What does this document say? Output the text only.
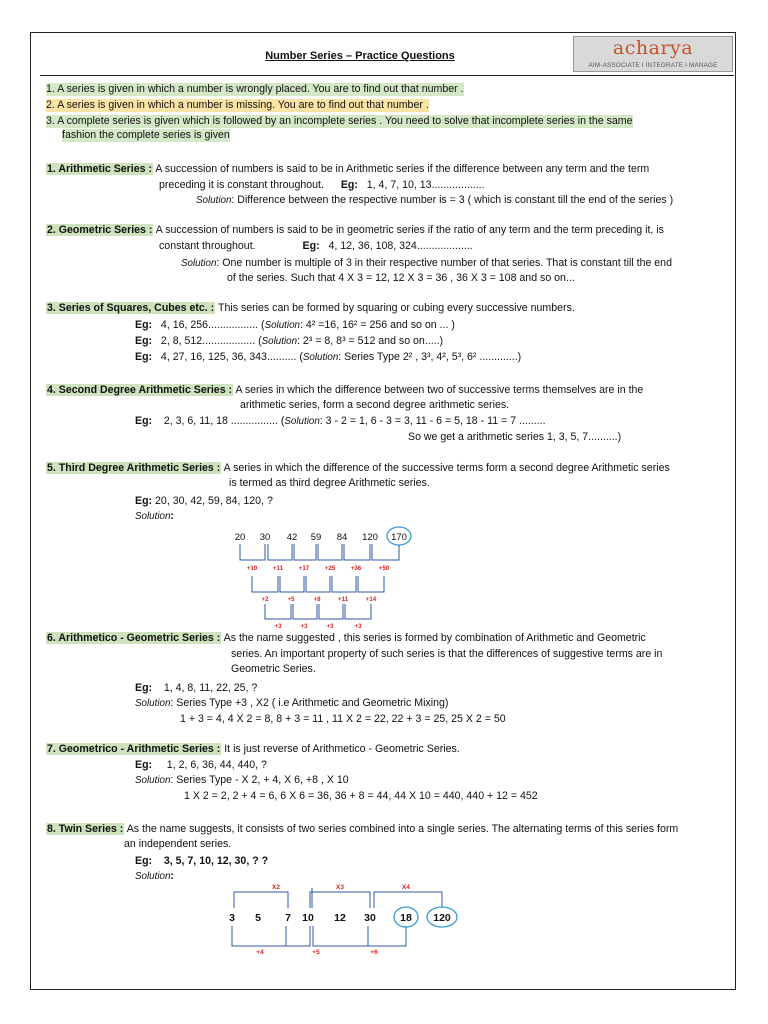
Number Series – Practice Questions	acharya
AIM-ASSOCIATE I INTEGRATE I MANAGE
1. A series is given in which a number is wrongly placed. You are to find out that number .
2. A series is given in which a number is missing. You are to find out that number .
3. A complete series is given which is followed by an incomplete series . You need to solve that incomplete series in the same
fashion the complete series is given
1. Arithmetic Series : A succession of numbers is said to be in Arithmetic series if the difference between any term and the term
preceding it is constant throughout. Eg: 1, 4, 7, 10, 13..................
Solution: Difference between the respective number is = 3 ( which is constant till the end of the series )
2. Geometric Series : A succession of numbers is said to be in geometric series if the ratio of any term and the term preceding it, is
constant throughout.	Eg: 4, 12, 36, 108, 324...................
Solution: One number is multiple of 3 in their respective number of that series. That is constant till the end
of the series. Such that 4 X 3 = 12, 12 X 3 = 36 , 36 X 3 = 108 and so on...
3. Series of Squares, Cubes etc. : This series can be formed by squaring or cubing every successive numbers.
Eg: 4, 16, 256................. (Solution: 4² =16, 16² = 256 and so on ... )
Eg: 2, 8, 512.................. (Solution: 2³ = 8, 8³ = 512 and so on.....)
Eg: 4, 27, 16, 125, 36, 343.......... (Solution: Series Type 2² , 3³, 4², 5³, 6² .............)
4. Second Degree Arithmetic Series : A series in which the difference between two of successive terms themselves are in the
arithmetic series, form a second degree arithmetic series.
Eg: 2, 3, 6, 11, 18 ................ (Solution: 3 - 2 = 1, 6 - 3 = 3, 11 - 6 = 5, 18 - 11 = 7 .........
So we get a arithmetic series 1, 3, 5, 7..........)
5. Third Degree Arithmetic Series : A series in which the difference of the successive terms form a second degree Arithmetic series
is termed as third degree Arithmetic series.
Eg: 20, 30, 42, 59, 84, 120, ?
Solution:
20 30 42 59 84 120 170
+10	+11	+17	+25	+36	+50
+2	+5	+8	+11	+14
+3	+3	+3	+3
6. Arithmetico - Geometric Series : As the name suggested , this series is formed by combination of Arithmetic and Geometric
series. An important property of such series is that the differences of suggestive terms are in
Geometric Series.
Eg: 1, 4, 8, 11, 22, 25, ?
Solution: Series Type +3 , X2 ( i.e Arithmetic and Geometric Mixing)
1 + 3 = 4, 4 X 2 = 8, 8 + 3 = 11 , 11 X 2 = 22, 22 + 3 = 25, 25 X 2 = 50
7. Geometrico - Arithmetic Series : It is just reverse of Arithmetico - Geometric Series.
Eg: 1, 2, 6, 36, 44, 440, ?
Solution: Series Type - X 2, + 4, X 6, +8 , X 10
1 X 2 = 2, 2 + 4 = 6, 6 X 6 = 36, 36 + 8 = 44, 44 X 10 = 440, 440 + 12 = 452
8. Twin Series : As the name suggests, it consists of two series combined into a single series. The alternating terms of this series form
an independent series.
Eg: 3, 5, 7, 10, 12, 30, ? ?
Solution:
X2	X3	X4
+4	+5	+6
3 5 7 10 12 30 18 120
